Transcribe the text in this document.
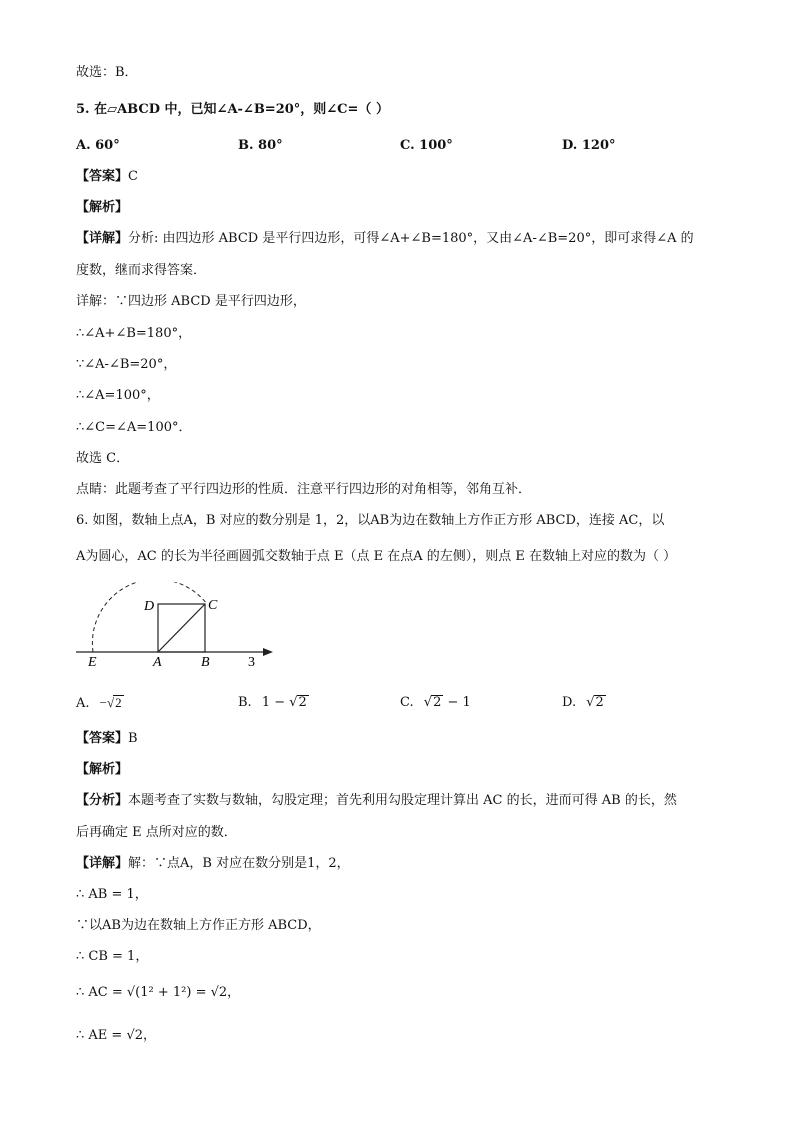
故选：B．
5. 在▱ABCD 中，已知∠A-∠B=20°，则∠C=（ ）
A. 60°	B. 80°	C. 100°	D. 120°
【答案】C
【解析】
【详解】分析: 由四边形 ABCD 是平行四边形，可得∠A+∠B=180°，又由∠A-∠B=20°，即可求得∠A 的
度数，继而求得答案．
详解：∵四边形 ABCD 是平行四边形，
∴∠A+∠B=180°，
∵∠A-∠B=20°，
∴∠A=100°，
∴∠C=∠A=100°．
故选 C．
点睛：此题考查了平行四边形的性质．注意平行四边形的对角相等，邻角互补．
6. 如图，数轴上点A，B 对应的数分别是 1，2，以AB为边在数轴上方作正方形 ABCD，连接 AC，以
A为圆心，AC 的长为半径画圆弧交数轴于点 E（点 E 在点A 的左侧），则点 E 在数轴上对应的数为（ ）
D	C
E	A	B	3
A. −√2	B. 1 − √2	C. √2 − 1	D. √2
【答案】B
【解析】
【分析】本题考查了实数与数轴，勾股定理；首先利用勾股定理计算出 AC 的长，进而可得 AB 的长，然
后再确定 E 点所对应的数．
【详解】解：∵点A，B 对应在数分别是1，2，
∴ AB = 1，
∵以AB为边在数轴上方作正方形 ABCD，
∴ CB = 1，
∴ AC = √(1² + 1²) = √2，
∴ AE = √2，
